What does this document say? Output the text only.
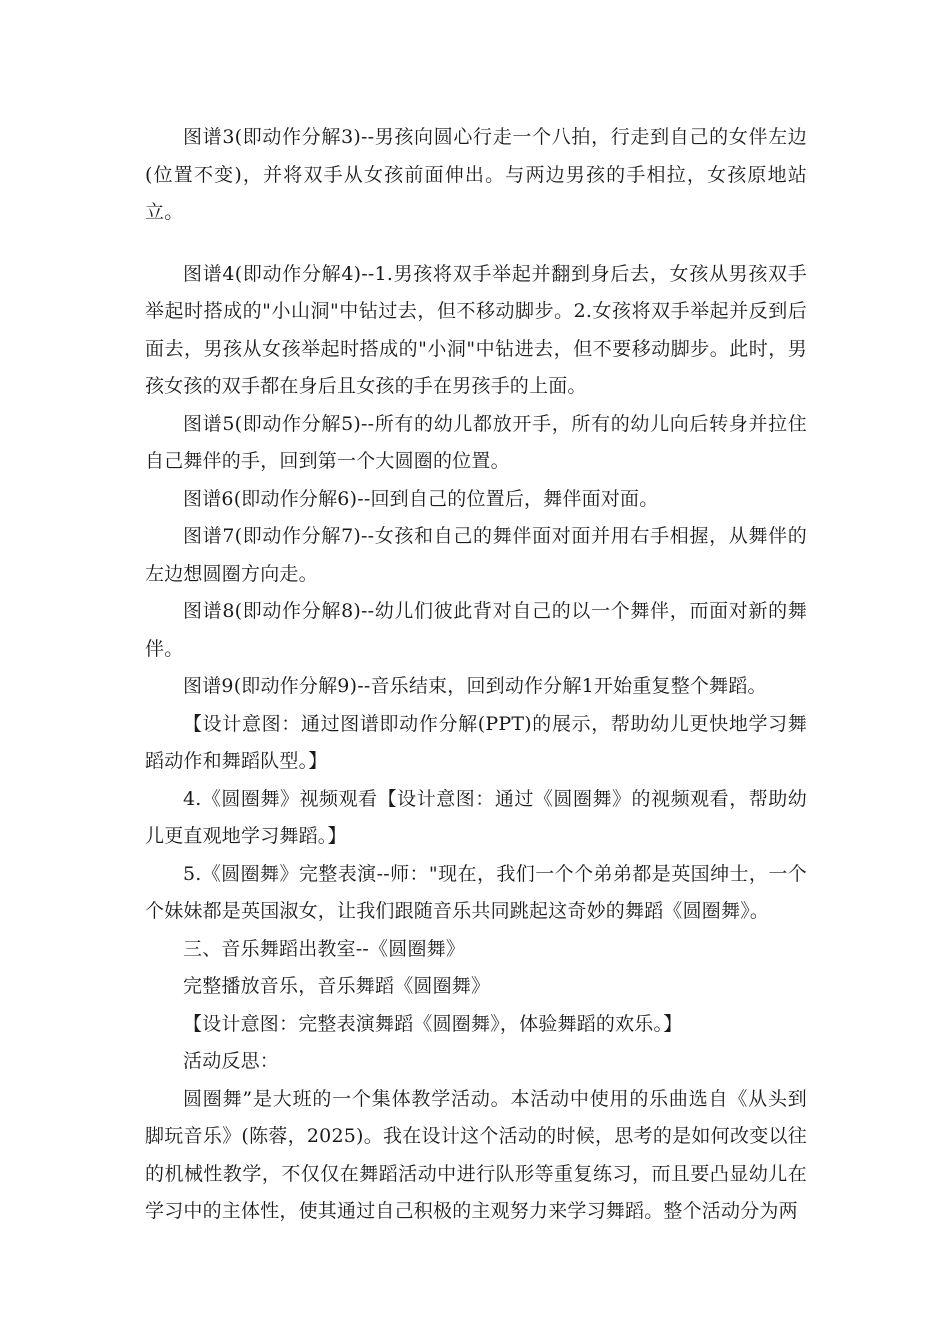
图谱3(即动作分解3)--男孩向圆心行走一个八拍，行走到自己的女伴左边(位置不变)，并将双手从女孩前面伸出。与两边男孩的手相拉，女孩原地站立。

图谱4(即动作分解4)--1.男孩将双手举起并翻到身后去，女孩从男孩双手举起时搭成的"小山洞"中钻过去，但不移动脚步。2.女孩将双手举起并反到后面去，男孩从女孩举起时搭成的"小洞"中钻进去，但不要移动脚步。此时，男孩女孩的双手都在身后且女孩的手在男孩手的上面。

图谱5(即动作分解5)--所有的幼儿都放开手，所有的幼儿向后转身并拉住自己舞伴的手，回到第一个大圆圈的位置。

图谱6(即动作分解6)--回到自己的位置后，舞伴面对面。

图谱7(即动作分解7)--女孩和自己的舞伴面对面并用右手相握，从舞伴的左边想圆圈方向走。

图谱8(即动作分解8)--幼儿们彼此背对自己的以一个舞伴，而面对新的舞伴。

图谱9(即动作分解9)--音乐结束，回到动作分解1开始重复整个舞蹈。

【设计意图：通过图谱即动作分解(PPT)的展示，帮助幼儿更快地学习舞蹈动作和舞蹈队型。】

4.《圆圈舞》视频观看【设计意图：通过《圆圈舞》的视频观看，帮助幼儿更直观地学习舞蹈。】

5.《圆圈舞》完整表演--师："现在，我们一个个弟弟都是英国绅士，一个个妹妹都是英国淑女，让我们跟随音乐共同跳起这奇妙的舞蹈《圆圈舞》。

三、音乐舞蹈出教室--《圆圈舞》

完整播放音乐，音乐舞蹈《圆圈舞》

【设计意图：完整表演舞蹈《圆圈舞》，体验舞蹈的欢乐。】

活动反思：

圆圈舞”是大班的一个集体教学活动。本活动中使用的乐曲选自《从头到脚玩音乐》(陈蓉，2025)。我在设计这个活动的时候，思考的是如何改变以往的机械性教学，不仅仅在舞蹈活动中进行队形等重复练习，而且要凸显幼儿在学习中的主体性，使其通过自己积极的主观努力来学习舞蹈。整个活动分为两
